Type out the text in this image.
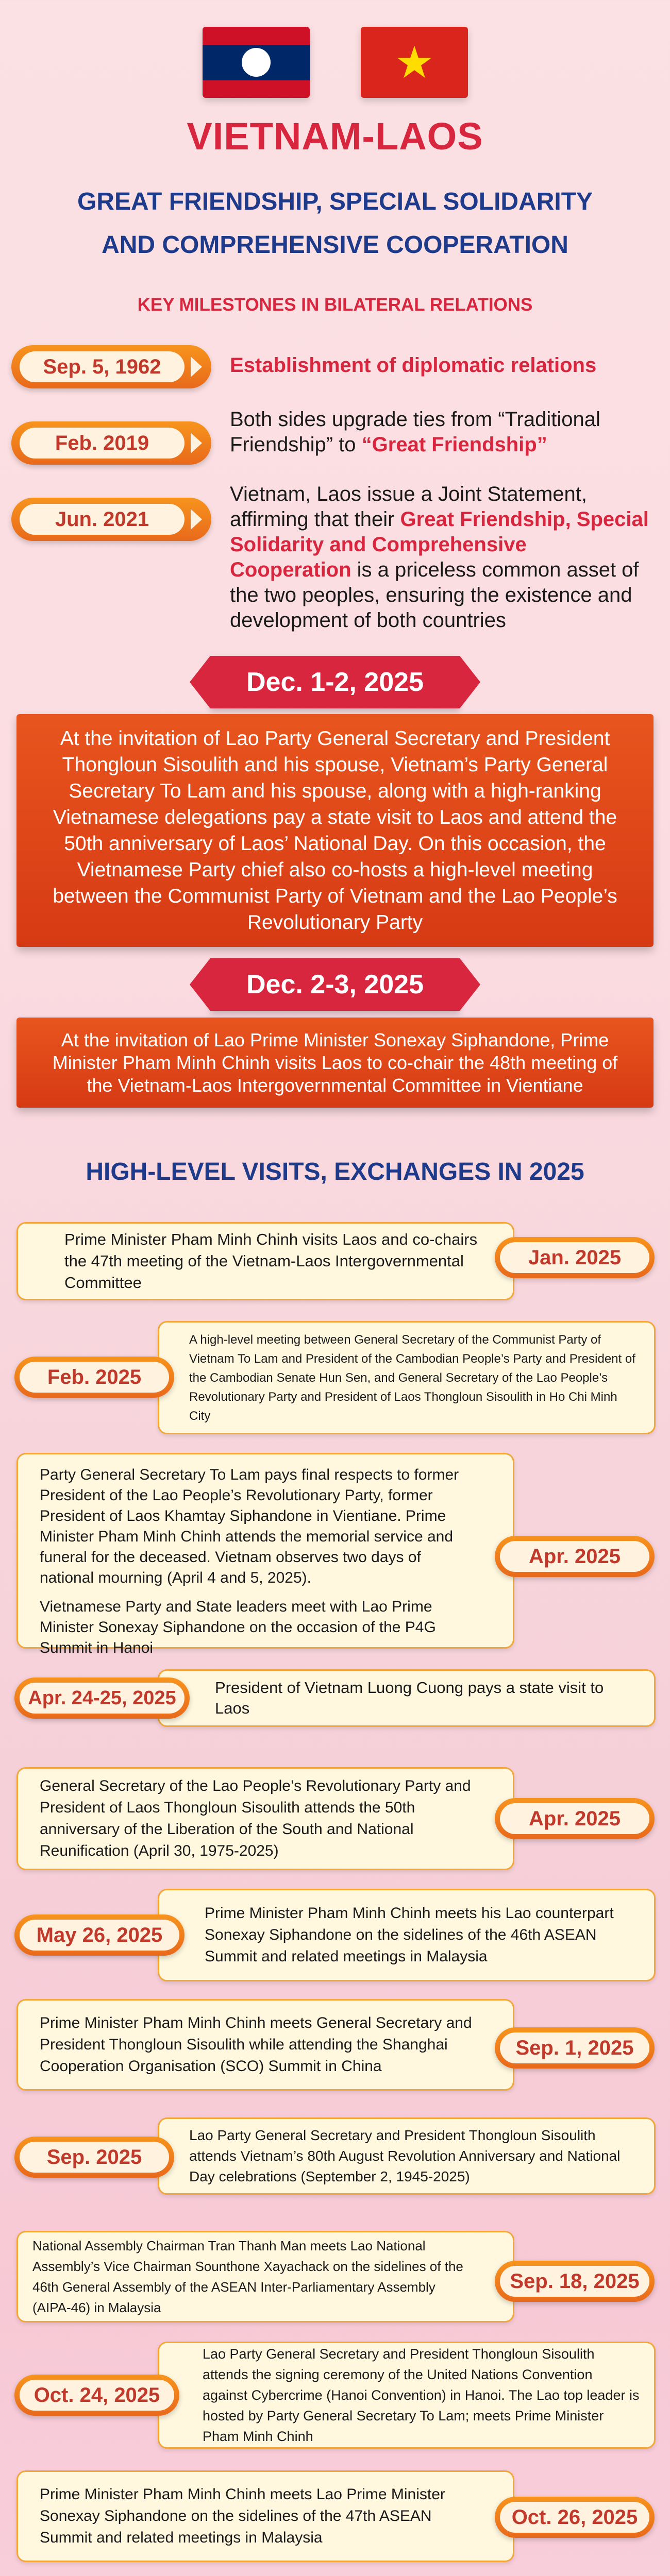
VIETNAM-LAOS
GREAT FRIENDSHIP, SPECIAL SOLIDARITY
AND COMPREHENSIVE COOPERATION
KEY MILESTONES IN BILATERAL RELATIONS
Sep. 5, 1962	Establishment of diplomatic relations
Feb. 2019
Both sides upgrade ties from “Traditional Friendship” to “Great Friendship”
Jun. 2021
Vietnam, Laos issue a Joint Statement, affirming that their Great Friendship, Special Solidarity and Comprehensive Cooperation is a priceless common asset of the two peoples, ensuring the existence and development of both countries
Dec. 1-2, 2025
At the invitation of Lao Party General Secretary and President Thongloun Sisoulith and his spouse, Vietnam’s Party General Secretary To Lam and his spouse, along with a high-ranking Vietnamese delegations pay a state visit to Laos and attend the 50th anniversary of Laos’ National Day. On this occasion, the Vietnamese Party chief also co-hosts a high-level meeting between the Communist Party of Vietnam and the Lao People’s Revolutionary Party
Dec. 2-3, 2025
At the invitation of Lao Prime Minister Sonexay Siphandone, Prime Minister Pham Minh Chinh visits Laos to co-chair the 48th meeting of the Vietnam-Laos Intergovernmental Committee in Vientiane
HIGH-LEVEL VISITS, EXCHANGES IN 2025
Prime Minister Pham Minh Chinh visits Laos and co-chairs the 47th meeting of the Vietnam-Laos Intergovernmental Committee
Jan. 2025
A high-level meeting between General Secretary of the Communist Party of Vietnam To Lam and President of the Cambodian People’s Party and President of the Cambodian Senate Hun Sen, and General Secretary of the Lao People’s Revolutionary Party and President of Laos Thongloun Sisoulith in Ho Chi Minh City
Feb. 2025
Party General Secretary To Lam pays final respects to former President of the Lao People’s Revolutionary Party, former President of Laos Khamtay Siphandone in Vientiane. Prime Minister Pham Minh Chinh attends the memorial service and funeral for the deceased. Vietnam observes two days of national mourning (April 4 and 5, 2025).
Vietnamese Party and State leaders meet with Lao Prime Minister Sonexay Siphandone on the occasion of the P4G Summit in Hanoi
Apr. 2025
President of Vietnam Luong Cuong pays a state visit to Laos
Apr. 24-25, 2025
General Secretary of the Lao People’s Revolutionary Party and President of Laos Thongloun Sisoulith attends the 50th anniversary of the Liberation of the South and National Reunification (April 30, 1975-2025)
Apr. 2025
Prime Minister Pham Minh Chinh meets his Lao counterpart Sonexay Siphandone on the sidelines of the 46th ASEAN Summit and related meetings in Malaysia
May 26, 2025
Prime Minister Pham Minh Chinh meets General Secretary and President Thongloun Sisoulith while attending the Shanghai Cooperation Organisation (SCO) Summit in China
Sep. 1, 2025
Lao Party General Secretary and President Thongloun Sisoulith attends Vietnam’s 80th August Revolution Anniversary and National Day celebrations (September 2, 1945-2025)
Sep. 2025
National Assembly Chairman Tran Thanh Man meets Lao National Assembly’s Vice Chairman Sounthone Xayachack on the sidelines of the 46th General Assembly of the ASEAN Inter-Parliamentary Assembly (AIPA-46) in Malaysia
Sep. 18, 2025
Lao Party General Secretary and President Thongloun Sisoulith attends the signing ceremony of the United Nations Convention against Cybercrime (Hanoi Convention) in Hanoi. The Lao top leader is hosted by Party General Secretary To Lam; meets Prime Minister Pham Minh Chinh
Oct. 24, 2025
Prime Minister Pham Minh Chinh meets Lao Prime Minister Sonexay Siphandone on the sidelines of the 47th ASEAN Summit and related meetings in Malaysia
Oct. 26, 2025
